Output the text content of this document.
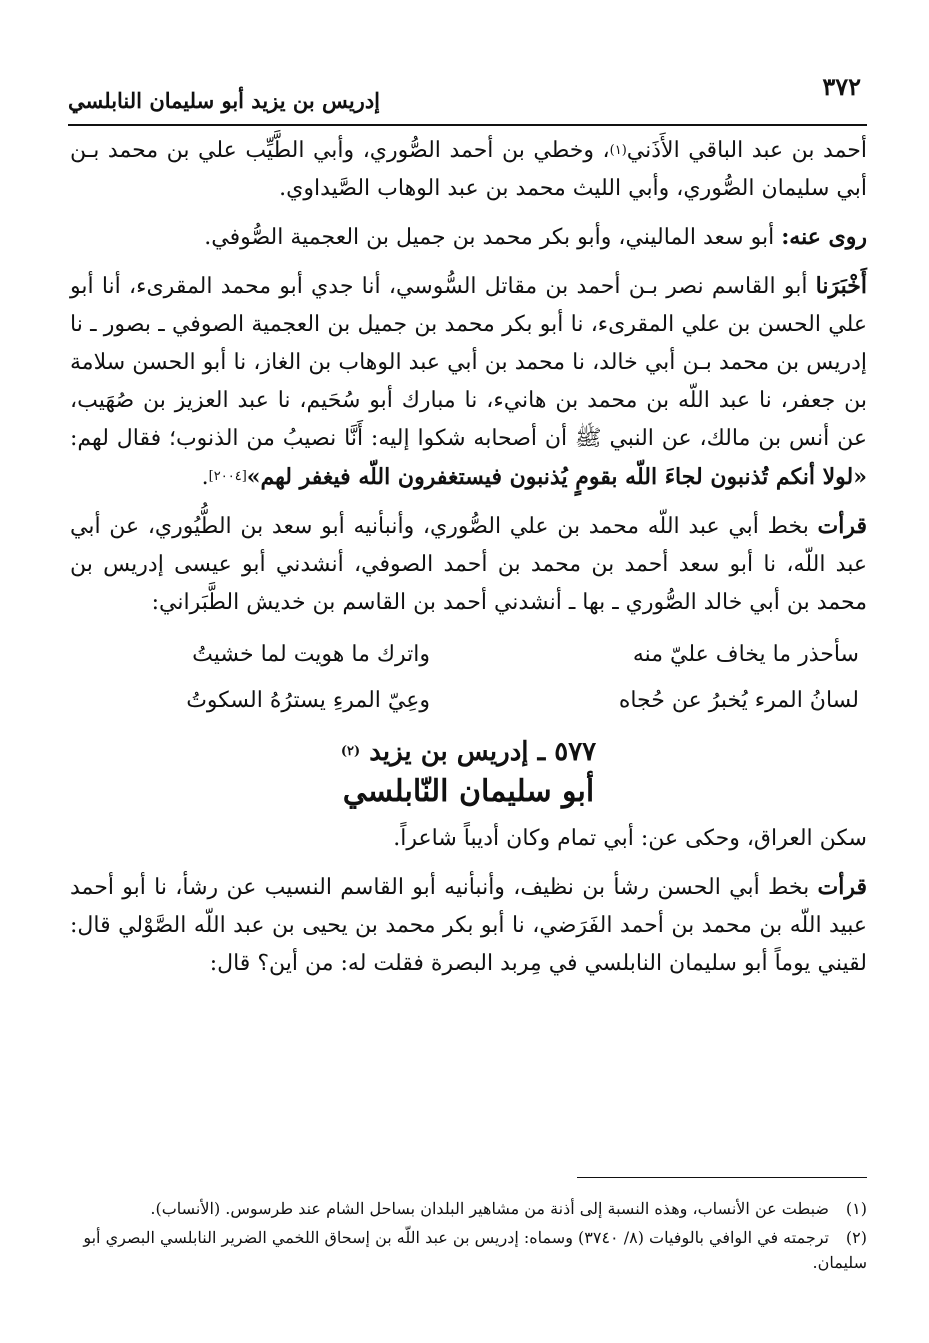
٣٧٢
إدريس بن يزيد أبو سليمان النابلسي

أحمد بن عبد الباقي الأَذَني$^{(١)}$، وخطي بن أحمد الصُّوري، وأبي الطَّيِّب علي بن محمد بـن أبي سليمان الصُّوري، وأبي الليث محمد بن عبد الوهاب الصَّيداوي.

روى عنه: أبو سعد الماليني، وأبو بكر محمد بن جميل بن العجمية الصُّوفي.

أَخْبَرَنا أبو القاسم نصر بـن أحمد بن مقاتل السُّوسي، أنا جدي أبو محمد المقرىء، أنا أبو علي الحسن بن علي المقرىء، نا أبو بكر محمد بن جميل بن العجمية الصوفي ـ بصور ـ نا إدريس بن محمد بـن أبي خالد، نا محمد بن أبي عبد الوهاب بن الغاز، نا أبو الحسن سلامة بن جعفر، نا عبد اللّه بن محمد بن هانيء، نا مبارك أبو سُحَيم، نا عبد العزيز بن صُهَيب، عن أنس بن مالك، عن النبي ﷺ أن أصحابه شكوا إليه: أَنَّا نصيبُ من الذنوب؛ فقال لهم: «لولا أنكم تُذنبون لجاءَ اللّه بقومٍ يُذنبون فيستغفرون اللّه فيغفر لهم»[٢٠٠٤].

قرأت بخط أبي عبد اللّه محمد بن علي الصُّوري، وأنبأنيه أبو سعد بن الطُّيُوري، عن أبي عبد اللّه، نا أبو سعد أحمد بن محمد بن أحمد الصوفي، أنشدني أبو عيسى إدريس بن محمد بن أبي خالد الصُّوري ـ بها ـ أنشدني أحمد بن القاسم بن خديش الطَّبَراني:

سأحذر ما يخاف عليّ منه
واترك ما هويت لما خشيتُ
لسانُ المرء يُخبرُ عن حُجاه
وعِيّ المرءِ يسترُهُ السكوتُ
٥٧٧ ـ إدريس بن يزيد $^{(٢)}$
أبو سليمان النّابلسي

سكن العراق، وحكى عن: أبي تمام وكان أديباً شاعراً.

قرأت بخط أبي الحسن رشأ بن نظيف، وأنبأنيه أبو القاسم النسيب عن رشأ، نا أبو أحمد عبيد اللّه بن محمد بن أحمد الفَرَضي، نا أبو بكر محمد بن يحيى بن عبد اللّه الصَّوْلي قال: لقيني يوماً أبو سليمان النابلسي في مِربد البصرة فقلت له: من أين؟ قال:

(١)ضبطت عن الأنساب، وهذه النسبة إلى أذنة من مشاهير البلدان بساحل الشام عند طرسوس. (الأنساب).
(٢)ترجمته في الوافي بالوفيات (٨/ ٣٧٤٠) وسماه: إدريس بن عبد اللّه بن إسحاق اللخمي الضرير النابلسي البصري أبو سليمان.
